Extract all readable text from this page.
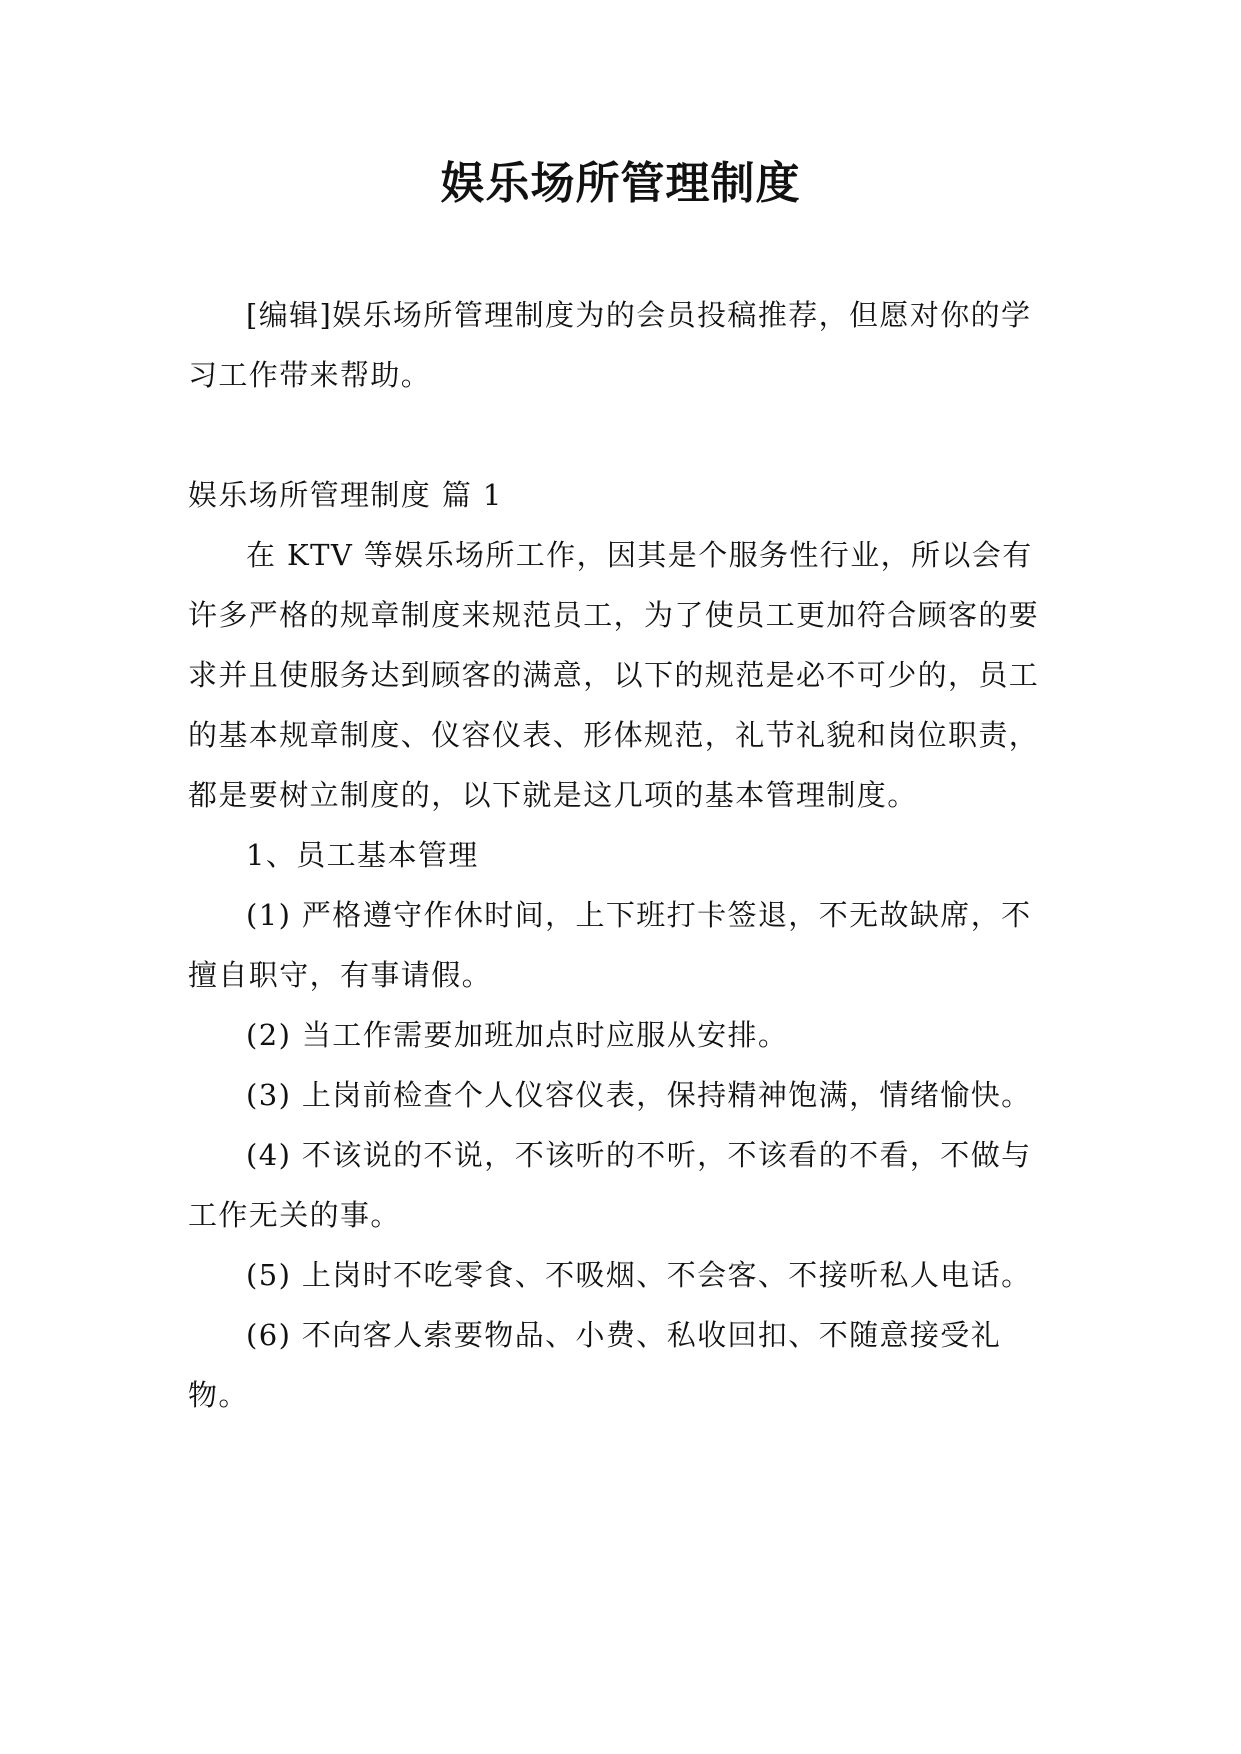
娱乐场所管理制度

[编辑]娱乐场所管理制度为的会员投稿推荐，但愿对你的学习工作带来帮助。

娱乐场所管理制度 篇 1

在 KTV 等娱乐场所工作，因其是个服务性行业，所以会有许多严格的规章制度来规范员工，为了使员工更加符合顾客的要求并且使服务达到顾客的满意，以下的规范是必不可少的，员工的基本规章制度、仪容仪表、形体规范，礼节礼貌和岗位职责，都是要树立制度的，以下就是这几项的基本管理制度。

1、员工基本管理

(1) 严格遵守作休时间，上下班打卡签退，不无故缺席，不擅自职守，有事请假。

(2) 当工作需要加班加点时应服从安排。

(3) 上岗前检查个人仪容仪表，保持精神饱满，情绪愉快。

(4) 不该说的不说，不该听的不听，不该看的不看，不做与工作无关的事。

(5) 上岗时不吃零食、不吸烟、不会客、不接听私人电话。

(6) 不向客人索要物品、小费、私收回扣、不随意接受礼物。
